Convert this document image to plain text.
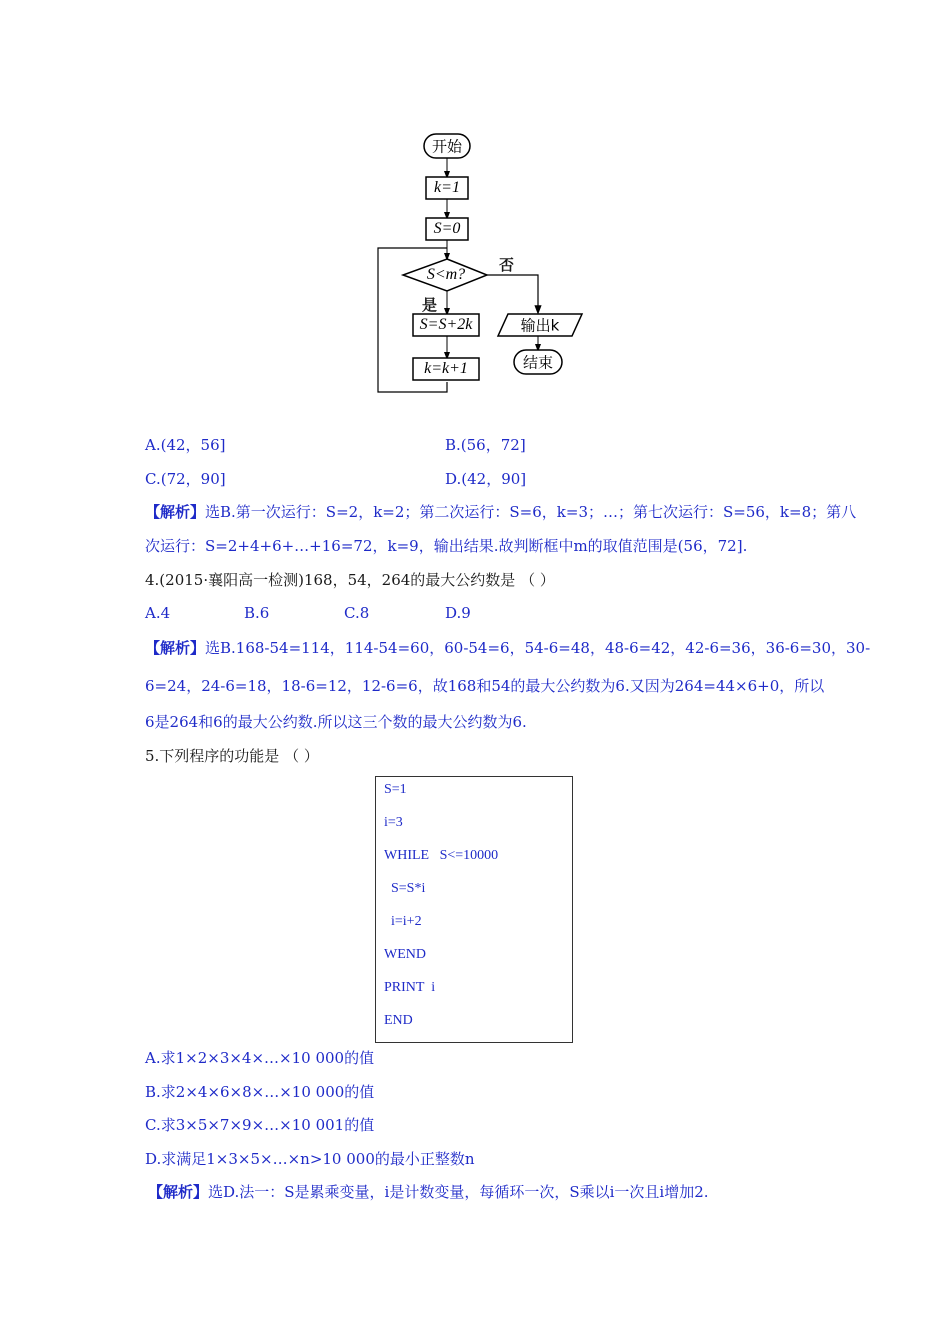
开始
k=1
S=0
S<m?
否
是
S=S+2k
k=k+1
输出k
结束
A.(42，56]	B.(56，72]
C.(72，90]	D.(42，90]
【解析】选B.第一次运行：S=2，k=2；第二次运行：S=6，k=3；…；第七次运行：S=56，k=8；第八
次运行：S=2+4+6+…+16=72，k=9，输出结果.故判断框中m的取值范围是(56，72].
4.(2015·襄阳高一检测)168，54，264的最大公约数是 （ ）
A.4	B.6	C.8	D.9
【解析】选B.168-54=114，114-54=60，60-54=6，54-6=48，48-6=42，42-6=36，36-6=30，30-
6=24，24-6=18，18-6=12，12-6=6，故168和54的最大公约数为6.又因为264=44×6+0，所以
6是264和6的最大公约数.所以这三个数的最大公约数为6.
5.下列程序的功能是 （ ）
S=1
i=3
WHILE   S<=10000
S=S*i
i=i+2
WEND
PRINT  i
END
A.求1×2×3×4×…×10 000的值
B.求2×4×6×8×…×10 000的值
C.求3×5×7×9×…×10 001的值
D.求满足1×3×5×…×n>10 000的最小正整数n
【解析】选D.法一：S是累乘变量，i是计数变量，每循环一次，S乘以i一次且i增加2.
